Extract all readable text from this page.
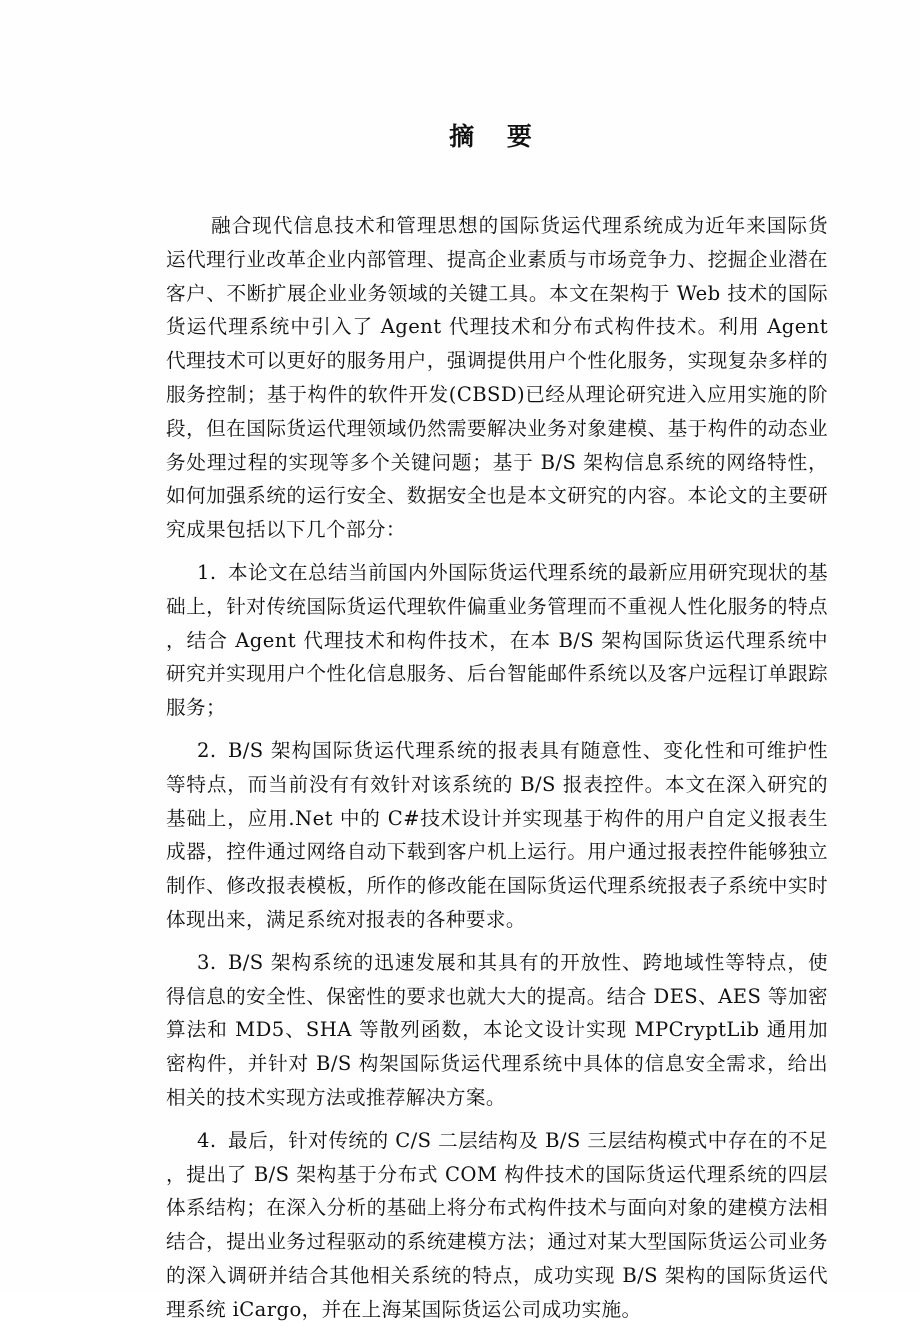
摘 要

融合现代信息技术和管理思想的国际货运代理系统成为近年来国际货运代理行业改革企业内部管理、提高企业素质与市场竞争力、挖掘企业潜在客户、不断扩展企业业务领域的关键工具。本文在架构于 Web 技术的国际货运代理系统中引入了 Agent 代理技术和分布式构件技术。利用 Agent 代理技术可以更好的服务用户，强调提供用户个性化服务，实现复杂多样的服务控制；基于构件的软件开发(CBSD)已经从理论研究进入应用实施的阶段，但在国际货运代理领域仍然需要解决业务对象建模、基于构件的动态业务处理过程的实现等多个关键问题；基于 B/S 架构信息系统的网络特性，如何加强系统的运行安全、数据安全也是本文研究的内容。本论文的主要研究成果包括以下几个部分：

1. 本论文在总结当前国内外国际货运代理系统的最新应用研究现状的基础上，针对传统国际货运代理软件偏重业务管理而不重视人性化服务的特点，结合 Agent 代理技术和构件技术，在本 B/S 架构国际货运代理系统中研究并实现用户个性化信息服务、后台智能邮件系统以及客户远程订单跟踪服务；

2. B/S 架构国际货运代理系统的报表具有随意性、变化性和可维护性等特点，而当前没有有效针对该系统的 B/S 报表控件。本文在深入研究的基础上，应用.Net 中的 C#技术设计并实现基于构件的用户自定义报表生成器，控件通过网络自动下载到客户机上运行。用户通过报表控件能够独立制作、修改报表模板，所作的修改能在国际货运代理系统报表子系统中实时体现出来，满足系统对报表的各种要求。

3. B/S 架构系统的迅速发展和其具有的开放性、跨地域性等特点，使得信息的安全性、保密性的要求也就大大的提高。结合 DES、AES 等加密算法和 MD5、SHA 等散列函数，本论文设计实现 MPCryptLib 通用加密构件，并针对 B/S 构架国际货运代理系统中具体的信息安全需求，给出相关的技术实现方法或推荐解决方案。

4. 最后，针对传统的 C/S 二层结构及 B/S 三层结构模式中存在的不足，提出了 B/S 架构基于分布式 COM 构件技术的国际货运代理系统的四层体系结构；在深入分析的基础上将分布式构件技术与面向对象的建模方法相结合，提出业务过程驱动的系统建模方法；通过对某大型国际货运公司业务的深入调研并结合其他相关系统的特点，成功实现 B/S 架构的国际货运代理系统 iCargo，并在上海某国际货运公司成功实施。
